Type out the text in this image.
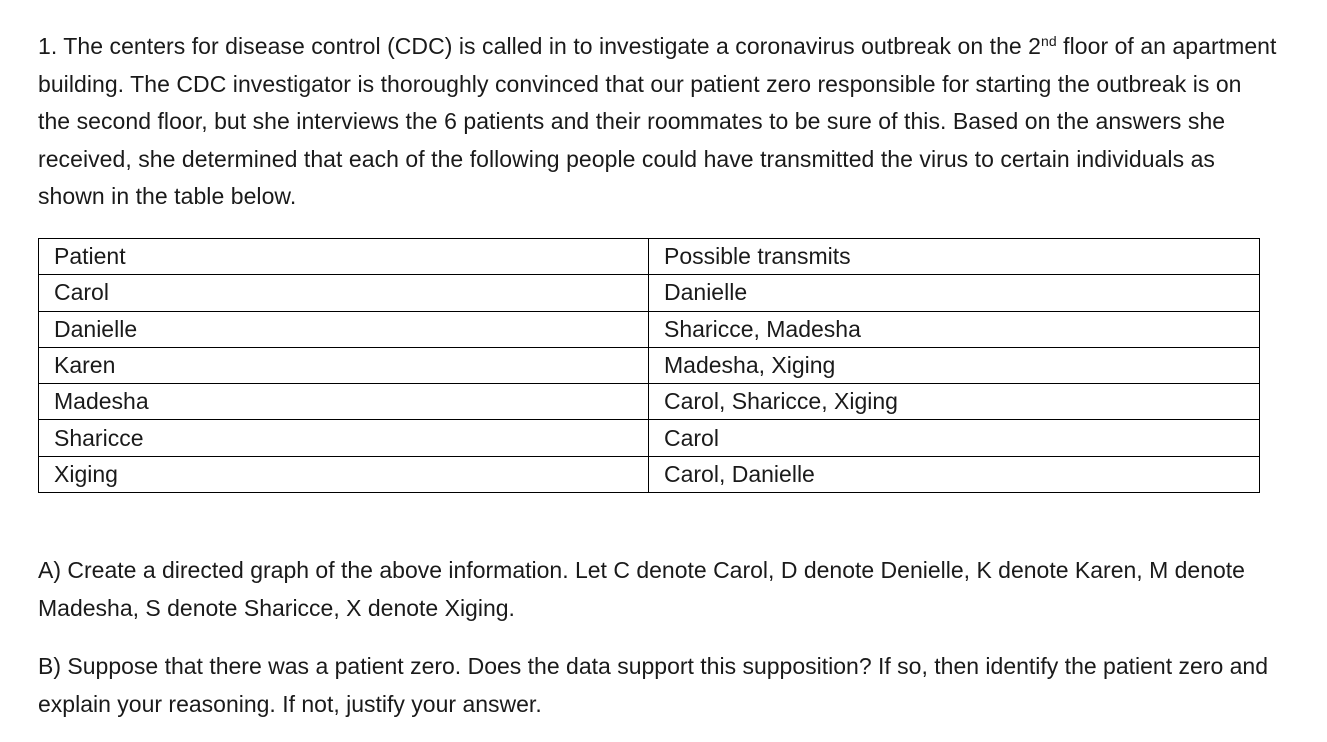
1. The centers for disease control (CDC) is called in to investigate a coronavirus outbreak on the 2nd floor of an apartment building. The CDC investigator is thoroughly convinced that our patient zero responsible for starting the outbreak is on the second floor, but she interviews the 6 patients and their roommates to be sure of this. Based on the answers she received, she determined that each of the following people could have transmitted the virus to certain individuals as shown in the table below.

Patient	Possible transmits
Carol	Danielle
Danielle	Sharicce, Madesha
Karen	Madesha, Xiging
Madesha	Carol, Sharicce, Xiging
Sharicce	Carol
Xiging	Carol, Danielle

A) Create a directed graph of the above information. Let C denote Carol, D denote Denielle, K denote Karen, M denote Madesha, S denote Sharicce, X denote Xiging.

B) Suppose that there was a patient zero. Does the data support this supposition? If so, then identify the patient zero and explain your reasoning. If not, justify your answer.
